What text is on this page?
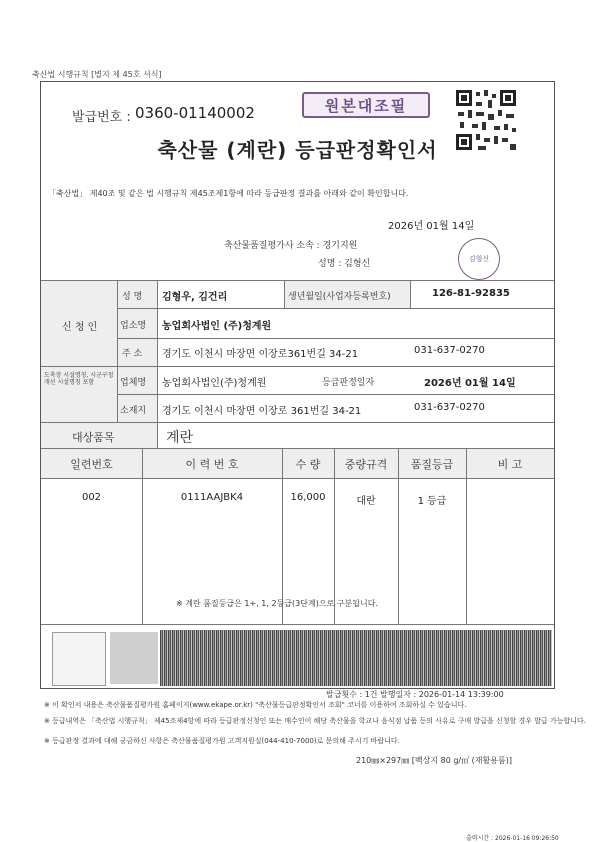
축산법 시행규칙 [별지 제 45호 서식]
발급번호 : 0360-01140002	원본대조필
축산물 (계란) 등급판정확인서
「축산법」 제40조 및 같은 법 시행규칙 제45조제1항에 따라 등급판정 결과를 아래와 같이 확인합니다.
2026년 01월 14일
축산물품질평가사 소속 : 경기지원
성명 : 김형신	김형신
신 청 인
성 명 김형우, 김건리	생년월일(사업자등록번호)	126-81-92835
업소명 농업회사법인 (주)청계원
주 소 경기도 이천시 마장면 이장로361번길 34-21	031-637-0270
도축장 시설명칭, 시군구청 개선 시설명칭 포함	업체명 농업회사법인(주)청계원	등급판정일자	2026년 01월 14일
소재지 경기도 이천시 마장면 이장로 361번길 34-21	031-637-0270
대상품목	계란
일련번호	이 력 번 호	수 량	중량규격	품질등급	비 고
002	0111AAJBK4	16,000	대란	1 등급
※ 계란 품질등급은 1+, 1, 2등급(3단계)으로 구분됩니다.
발급횟수 : 1건 발행일자 : 2026-01-14 13:39:00
※ 이 확인서 내용은 축산물품질평가원 홈페이지(www.ekape.or.kr) "축산물등급판정확인서 조회" 코너를 이용하여 조회하실 수 있습니다.
※ 등급내역은 「축산법 시행규칙」 제45조제4항에 따라 등급판정신청인 또는 매수인이 해당 축산물을 학교나 음식점 납품 등의 사유로 구매 발급을 신청할 경우 발급 가능합니다.
※ 등급판정 결과에 대해 궁금하신 사항은 축산물품질평가원 고객지원실(044-410-7000)로 문의해 주시기 바랍니다.
210㎜×297㎜ [백상지 80 g/㎡ (재활용품)]
출력시간 : 2026-01-16 09:26:50
